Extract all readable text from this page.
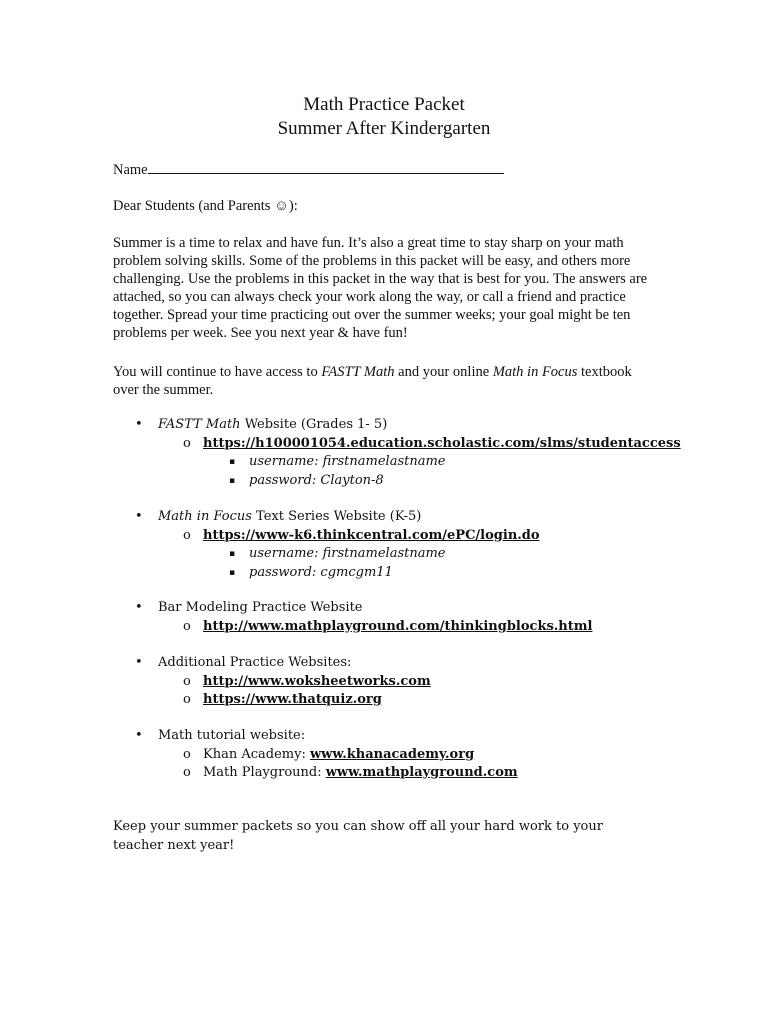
Math Practice Packet
Summer After Kindergarten
Name
Dear Students (and Parents ☺):

Summer is a time to relax and have fun. It’s also a great time to stay sharp on your math problem solving skills. Some of the problems in this packet will be easy, and others more challenging. Use the problems in this packet in the way that is best for you. The answers are attached, so you can always check your work along the way, or call a friend and practice together. Spread your time practicing out over the summer weeks; your goal might be ten problems per week. See you next year & have fun!

You will continue to have access to FASTT Math and your online Math in Focus textbook over the summer.

• FASTT Math Website (Grades 1- 5)
o https://h100001054.education.scholastic.com/slms/studentaccess
▪ username: firstnamelastname
▪ password: Clayton-8
• Math in Focus Text Series Website (K-5)
o https://www-k6.thinkcentral.com/ePC/login.do
▪ username: firstnamelastname
▪ password: cgmcgm11
• Bar Modeling Practice Website
o http://www.mathplayground.com/thinkingblocks.html
• Additional Practice Websites:
o http://www.woksheetworks.com
o https://www.thatquiz.org
• Math tutorial website:
o Khan Academy: www.khanacademy.org
o Math Playground: www.mathplayground.com
Keep your summer packets so you can show off all your hard work to your teacher next year!
